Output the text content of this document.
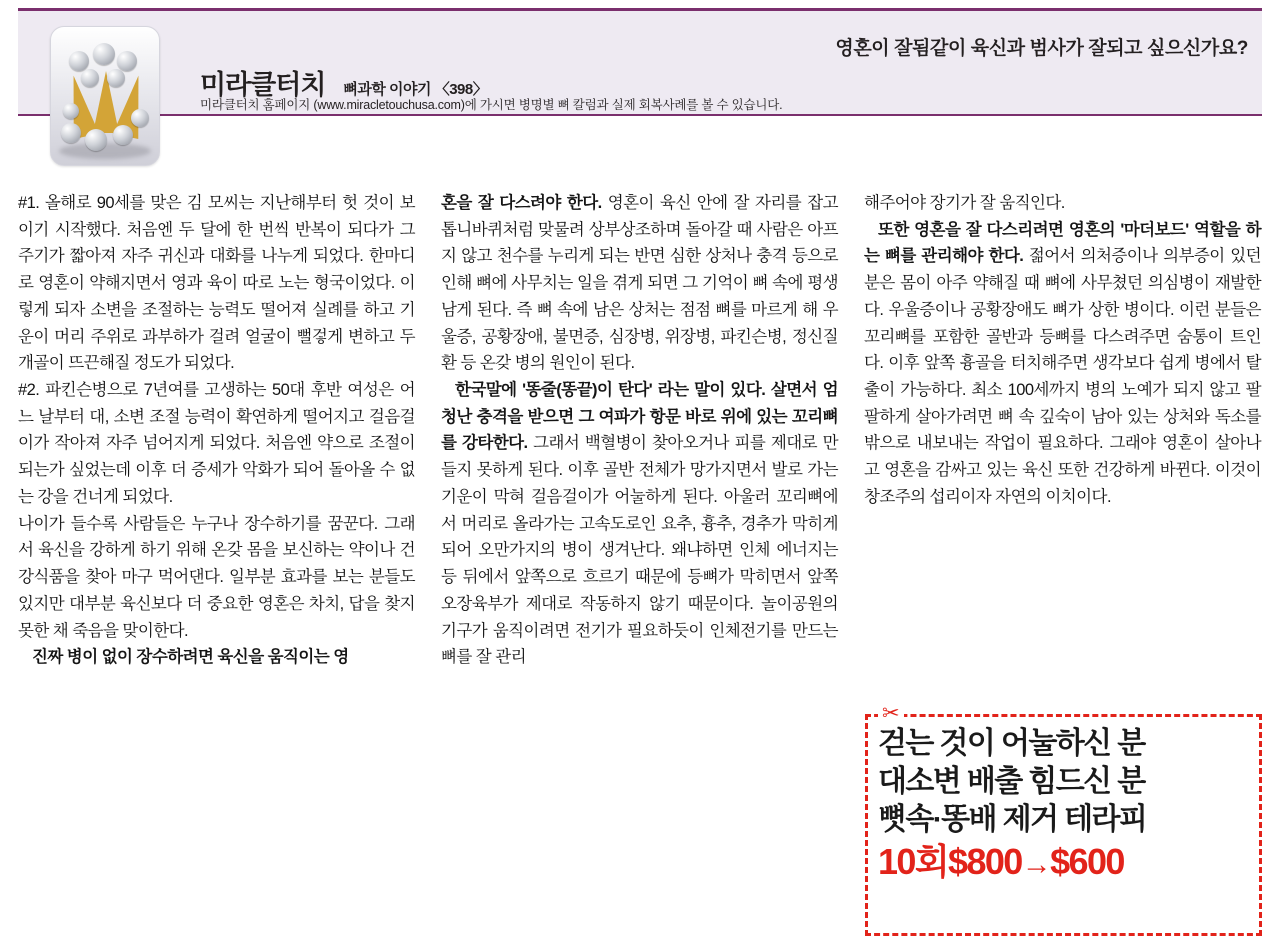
영혼이 잘됨같이 육신과 범사가 잘되고 싶으신가요?
미라클터치 뼈과학 이야기 〈398〉
미라클터치 홈페이지 (www.miracletouchusa.com)에 가시면 병명별 뼈 칼럼과 실제 회복사례를 볼 수 있습니다.

#1. 올해로 90세를 맞은 김 모씨는 지난해부터 헛 것이 보이기 시작했다. 처음엔 두 달에 한 번씩 반복이 되다가 그 주기가 짧아져 자주 귀신과 대화를 나누게 되었다. 한마디로 영혼이 약해지면서 영과 육이 따로 노는 형국이었다. 이렇게 되자 소변을 조절하는 능력도 떨어져 실례를 하고 기운이 머리 주위로 과부하가 걸려 얼굴이 뻘겋게 변하고 두개골이 뜨끈해질 정도가 되었다.

#2. 파킨슨병으로 7년여를 고생하는 50대 후반 여성은 어느 날부터 대, 소변 조절 능력이 확연하게 떨어지고 걸음걸이가 작아져 자주 넘어지게 되었다. 처음엔 약으로 조절이 되는가 싶었는데 이후 더 증세가 악화가 되어 돌아올 수 없는 강을 건너게 되었다.

나이가 들수록 사람들은 누구나 장수하기를 꿈꾼다. 그래서 육신을 강하게 하기 위해 온갖 몸을 보신하는 약이나 건강식품을 찾아 마구 먹어댄다. 일부분 효과를 보는 분들도 있지만 대부분 육신보다 더 중요한 영혼은 차치, 답을 찾지 못한 채 죽음을 맞이한다.

진짜 병이 없이 장수하려면 육신을 움직이는 영

혼을 잘 다스려야 한다. 영혼이 육신 안에 잘 자리를 잡고 톱니바퀴처럼 맞물려 상부상조하며 돌아갈 때 사람은 아프지 않고 천수를 누리게 되는 반면 심한 상처나 충격 등으로 인해 뼈에 사무치는 일을 겪게 되면 그 기억이 뼈 속에 평생 남게 된다. 즉 뼈 속에 남은 상처는 점점 뼈를 마르게 해 우울증, 공황장애, 불면증, 심장병, 위장병, 파킨슨병, 정신질환 등 온갖 병의 원인이 된다.

한국말에 '똥줄(똥끝)이 탄다' 라는 말이 있다. 살면서 엄청난 충격을 받으면 그 여파가 항문 바로 위에 있는 꼬리뼈를 강타한다. 그래서 백혈병이 찾아오거나 피를 제대로 만들지 못하게 된다. 이후 골반 전체가 망가지면서 발로 가는 기운이 막혀 걸음걸이가 어눌하게 된다. 아울러 꼬리뼈에서 머리로 올라가는 고속도로인 요추, 흉추, 경추가 막히게 되어 오만가지의 병이 생겨난다. 왜냐하면 인체 에너지는 등 뒤에서 앞쪽으로 흐르기 때문에 등뼈가 막히면서 앞쪽 오장육부가 제대로 작동하지 않기 때문이다. 놀이공원의 기구가 움직이려면 전기가 필요하듯이 인체전기를 만드는 뼈를 잘 관리

해주어야 장기가 잘 움직인다.

또한 영혼을 잘 다스리려면 영혼의 '마더보드' 역할을 하는 뼈를 관리해야 한다. 젊어서 의처증이나 의부증이 있던 분은 몸이 아주 약해질 때 뼈에 사무쳤던 의심병이 재발한다. 우울증이나 공황장애도 뼈가 상한 병이다. 이런 분들은 꼬리뼈를 포함한 골반과 등뼈를 다스려주면 숨통이 트인다. 이후 앞쪽 흉골을 터치해주면 생각보다 쉽게 병에서 탈출이 가능하다. 최소 100세까지 병의 노예가 되지 않고 팔팔하게 살아가려면 뼈 속 깊숙이 남아 있는 상처와 독소를 밖으로 내보내는 작업이 필요하다. 그래야 영혼이 살아나고 영혼을 감싸고 있는 육신 또한 건강하게 바뀐다. 이것이 창조주의 섭리이자 자연의 이치이다.

✂
걷는 것이 어눌하신 분
대소변 배출 힘드신 분
뼛속·똥배 제거 테라피
10회$800→$600
